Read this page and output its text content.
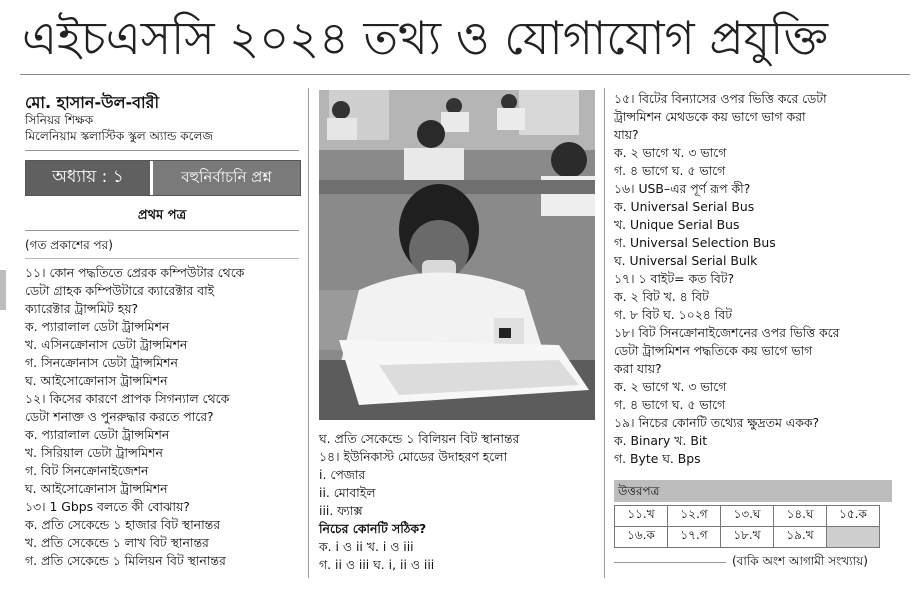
এইচএসসি ২০২৪ তথ্য ও যোগাযোগ প্রযুক্তি
মো. হাসান-উল-বারী
সিনিয়র শিক্ষক
মিলেনিয়াম স্কলাস্টিক স্কুল অ্যান্ড কলেজ
অধ্যায় : ১	বহুনির্বাচনি প্রশ্ন
প্রথম পত্র
(গত প্রকাশের পর)
১১। কোন পদ্ধতিতে প্রেরক কম্পিউটার থেকে
ডেটা গ্রাহক কম্পিউটারে ক্যারেক্টার বাই
ক্যারেক্টার ট্রান্সমিট হয়?
ক. প্যারালাল ডেটা ট্রান্সমিশন
খ. এসিনক্রোনাস ডেটা ট্রান্সমিশন
গ. সিনক্রোনাস ডেটা ট্রান্সমিশন
ঘ. আইসোক্রোনাস ট্রান্সমিশন
১২। কিসের কারণে প্রাপক সিগন্যাল থেকে
ডেটা শনাক্ত ও পুনরুদ্ধার করতে পারে?
ক. প্যারালাল ডেটা ট্রান্সমিশন
খ. সিরিয়াল ডেটা ট্রান্সমিশন
গ. বিট সিনক্রোনাইজেশন
ঘ. আইসোক্রোনাস ট্রান্সমিশন
১৩। 1 Gbps বলতে কী বোঝায়?
ক. প্রতি সেকেন্ডে ১ হাজার বিট স্থানান্তর
খ. প্রতি সেকেন্ডে ১ লাখ বিট স্থানান্তর
গ. প্রতি সেকেন্ডে ১ মিলিয়ন বিট স্থানান্তর
ঘ. প্রতি সেকেন্ডে ১ বিলিয়ন বিট স্থানান্তর
১৪। ইউনিকাস্ট মোডের উদাহরণ হলো
i. পেজার
ii. মোবাইল
iii. ফ্যাক্স
নিচের কোনটি সঠিক?
ক. i ও ii খ. i ও iii
গ. ii ও iii ঘ. i, ii ও iii
১৫। বিটের বিন্যাসের ওপর ভিত্তি করে ডেটা
ট্রান্সমিশন মেথডকে কয় ভাগে ভাগ করা
যায়?
ক. ২ ভাগে খ. ৩ ভাগে
গ. ৪ ভাগে ঘ. ৫ ভাগে
১৬। USB–এর পূর্ণ রূপ কী?
ক. Universal Serial Bus
খ. Unique Serial Bus
গ. Universal Selection Bus
ঘ. Universal Serial Bulk
১৭। ১ বাইট= কত বিট?
ক. ২ বিট খ. ৪ বিট
গ. ৮ বিট ঘ. ১০২৪ বিট
১৮। বিট সিনক্রোনাইজেশনের ওপর ভিত্তি করে
ডেটা ট্রান্সমিশন পদ্ধতিকে কয় ভাগে ভাগ
করা যায়?
ক. ২ ভাগে খ. ৩ ভাগে
গ. ৪ ভাগে ঘ. ৫ ভাগে
১৯। নিচের কোনটি তথ্যের ক্ষুদ্রতম একক?
ক. Binary খ. Bit
গ. Byte ঘ. Bps
উত্তরপত্র
১১.খ	১২.গ	১৩.ঘ	১৪.ঘ	১৫.ক
১৬.ক	১৭.গ	১৮.খ	১৯.খ	
(বাকি অংশ আগামী সংখ্যায়)
